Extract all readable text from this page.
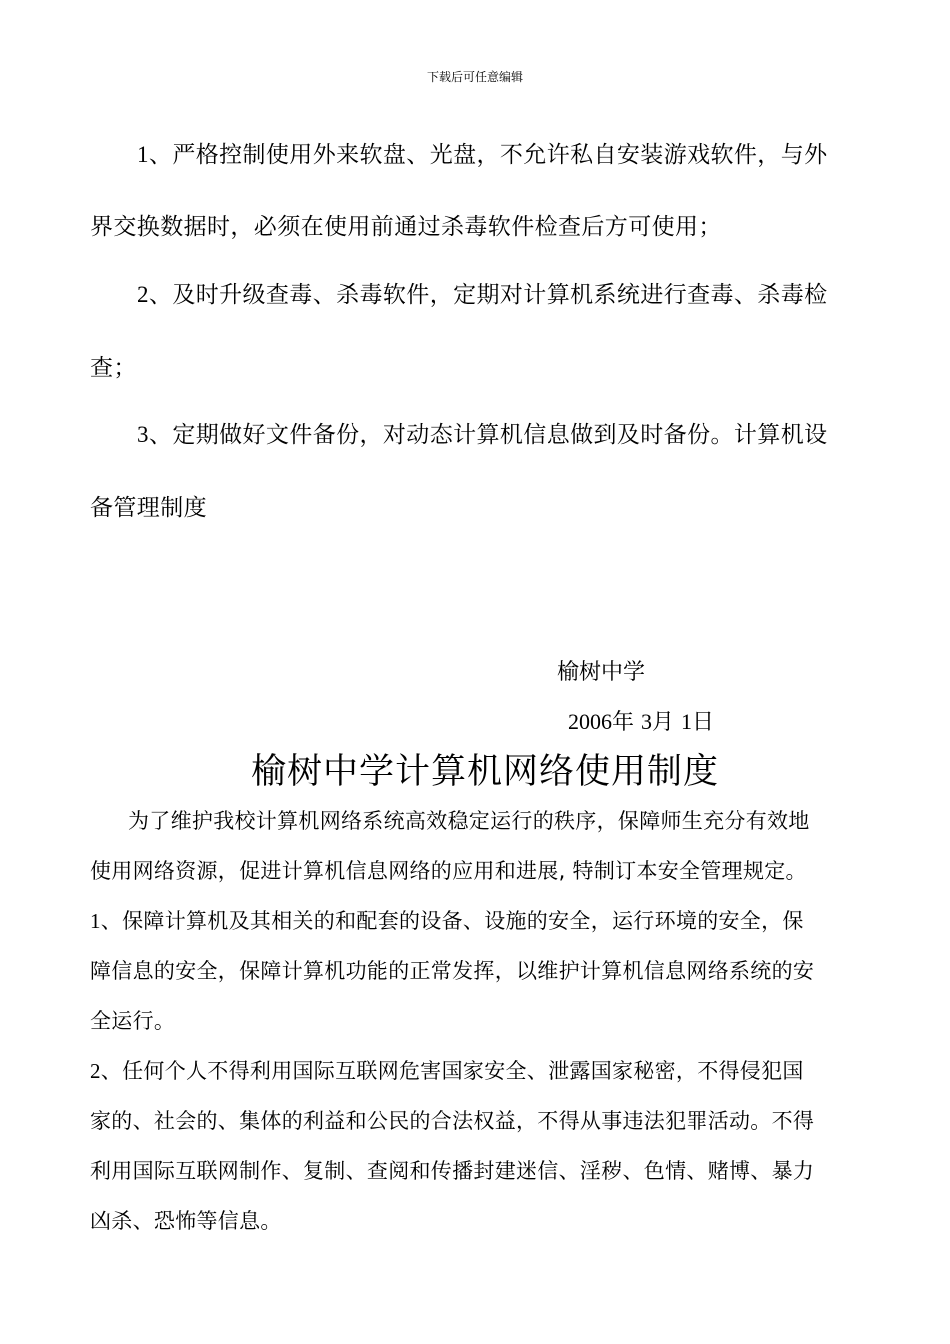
下载后可任意编辑
1、严格控制使用外来软盘、光盘，不允许私自安装游戏软件，与外
界交换数据时，必须在使用前通过杀毒软件检查后方可使用；
2、及时升级查毒、杀毒软件，定期对计算机系统进行查毒、杀毒检
查；
3、定期做好文件备份，对动态计算机信息做到及时备份。计算机设
备管理制度
榆树中学
2006年 3月 1日
榆树中学计算机网络使用制度
为了维护我校计算机网络系统高效稳定运行的秩序，保障师生充分有效地
使用网络资源，促进计算机信息网络的应用和进展, 特制订本安全管理规定。
1、保障计算机及其相关的和配套的设备、设施的安全，运行环境的安全，保
障信息的安全，保障计算机功能的正常发挥，以维护计算机信息网络系统的安
全运行。
2、任何个人不得利用国际互联网危害国家安全、泄露国家秘密，不得侵犯国
家的、社会的、集体的利益和公民的合法权益，不得从事违法犯罪活动。不得
利用国际互联网制作、复制、查阅和传播封建迷信、淫秽、色情、赌博、暴力
凶杀、恐怖等信息。
